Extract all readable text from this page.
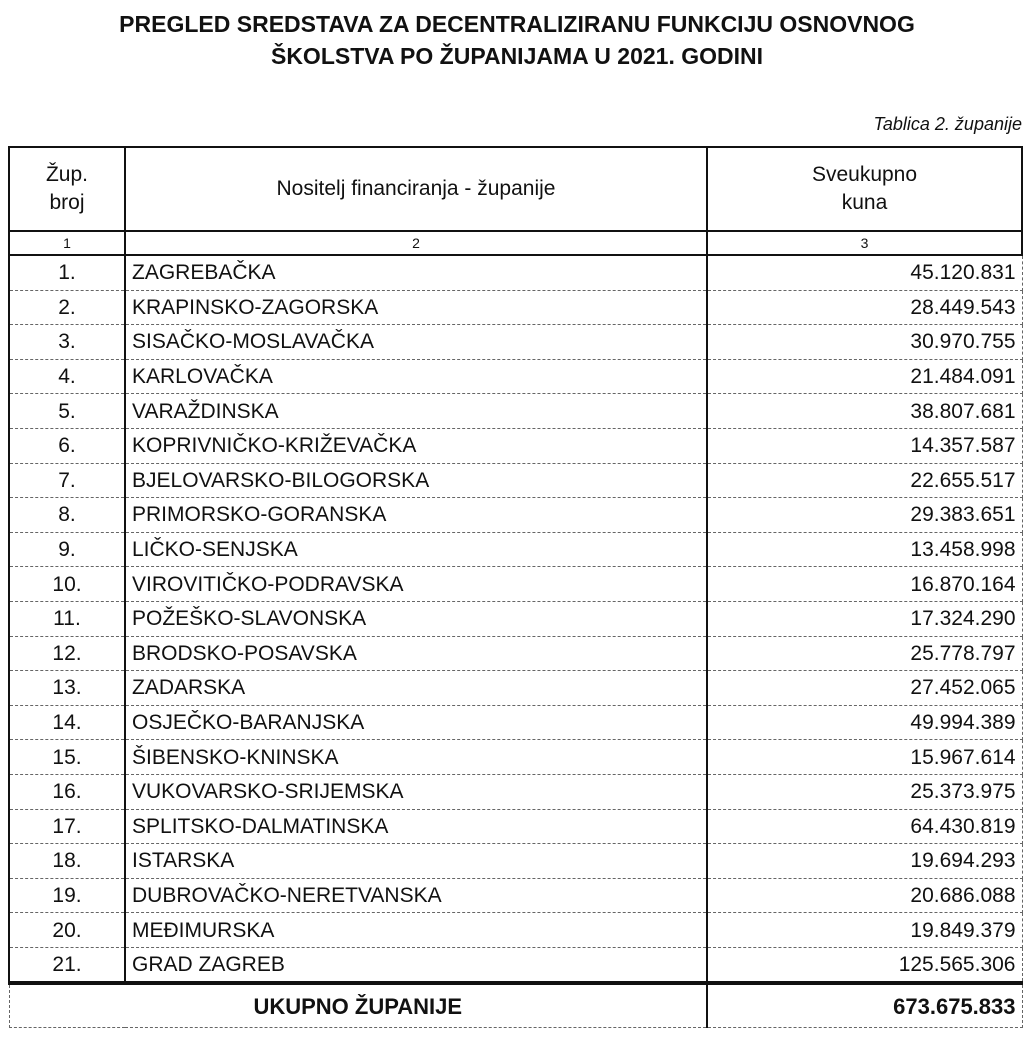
PREGLED SREDSTAVA ZA DECENTRALIZIRANU FUNKCIJU OSNOVNOG
ŠKOLSTVA PO ŽUPANIJAMA U 2021. GODINI
Tablica 2. županije
Žup.
broj	Nositelj financiranja - županije	Sveukupno
kuna
1	2	3
1.	ZAGREBAČKA	45.120.831
2.	KRAPINSKO-ZAGORSKA	28.449.543
3.	SISAČKO-MOSLAVAČKA	30.970.755
4.	KARLOVAČKA	21.484.091
5.	VARAŽDINSKA	38.807.681
6.	KOPRIVNIČKO-KRIŽEVAČKA	14.357.587
7.	BJELOVARSKO-BILOGORSKA	22.655.517
8.	PRIMORSKO-GORANSKA	29.383.651
9.	LIČKO-SENJSKA	13.458.998
10.	VIROVITIČKO-PODRAVSKA	16.870.164
11.	POŽEŠKO-SLAVONSKA	17.324.290
12.	BRODSKO-POSAVSKA	25.778.797
13.	ZADARSKA	27.452.065
14.	OSJEČKO-BARANJSKA	49.994.389
15.	ŠIBENSKO-KNINSKA	15.967.614
16.	VUKOVARSKO-SRIJEMSKA	25.373.975
17.	SPLITSKO-DALMATINSKA	64.430.819
18.	ISTARSKA	19.694.293
19.	DUBROVAČKO-NERETVANSKA	20.686.088
20.	MEĐIMURSKA	19.849.379
21.	GRAD ZAGREB	125.565.306
UKUPNO ŽUPANIJE		673.675.833
